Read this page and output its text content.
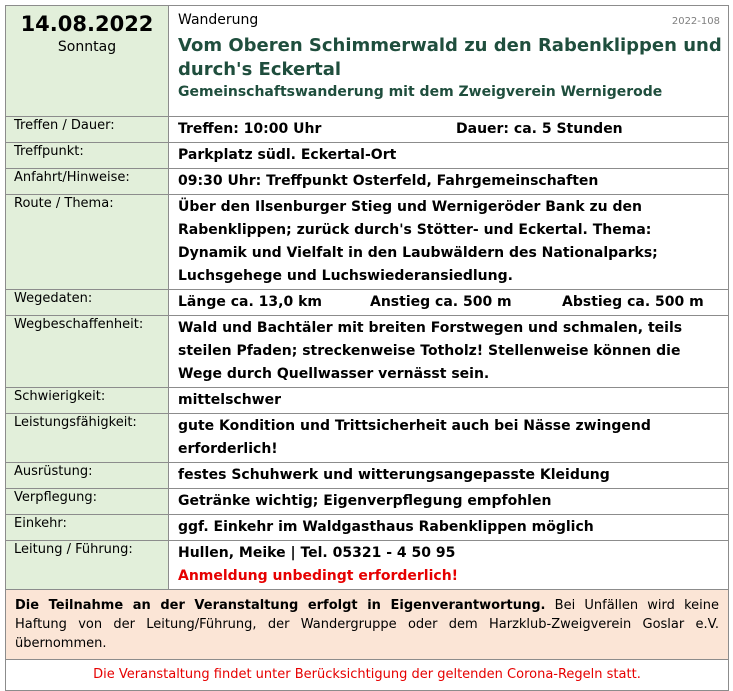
14.08.2022
Sonntag
Wanderung	2022-108
Vom Oberen Schimmerwald zu den Rabenklippen und durch's Eckertal
Gemeinschaftswanderung mit dem Zweigverein Wernigerode
Treffen / Dauer:	Treffen: 10:00 Uhr	Dauer: ca. 5 Stunden
Treffpunkt:	Parkplatz südl. Eckertal-Ort
Anfahrt/Hinweise:	09:30 Uhr: Treffpunkt Osterfeld, Fahrgemeinschaften
Route / Thema:	Über den Ilsenburger Stieg und Wernigeröder Bank zu den Rabenklippen; zurück durch's Stötter- und Eckertal. Thema: Dynamik und Vielfalt in den Laubwäldern des Nationalparks; Luchsgehege und Luchswiederansiedlung.
Wegedaten:	Länge ca. 13,0 km	Anstieg ca. 500 m	Abstieg ca. 500 m
Wegbeschaffenheit:	Wald und Bachtäler mit breiten Forstwegen und schmalen, teils steilen Pfaden; streckenweise Totholz! Stellenweise können die Wege durch Quellwasser vernässt sein.
Schwierigkeit:	mittelschwer
Leistungsfähigkeit:	gute Kondition und Trittsicherheit auch bei Nässe zwingend erforderlich!
Ausrüstung:	festes Schuhwerk und witterungsangepasste Kleidung
Verpflegung:	Getränke wichtig; Eigenverpflegung empfohlen
Einkehr:	ggf. Einkehr im Waldgasthaus Rabenklippen möglich
Leitung / Führung:	Hullen, Meike | Tel. 05321 - 4 50 95
Anmeldung unbedingt erforderlich!
Die Teilnahme an der Veranstaltung erfolgt in Eigenverantwortung. Bei Unfällen wird keine Haftung von der Leitung/Führung, der Wandergruppe oder dem Harzklub-Zweigverein Goslar e.V. übernommen.
Die Veranstaltung findet unter Berücksichtigung der geltenden Corona-Regeln statt.
